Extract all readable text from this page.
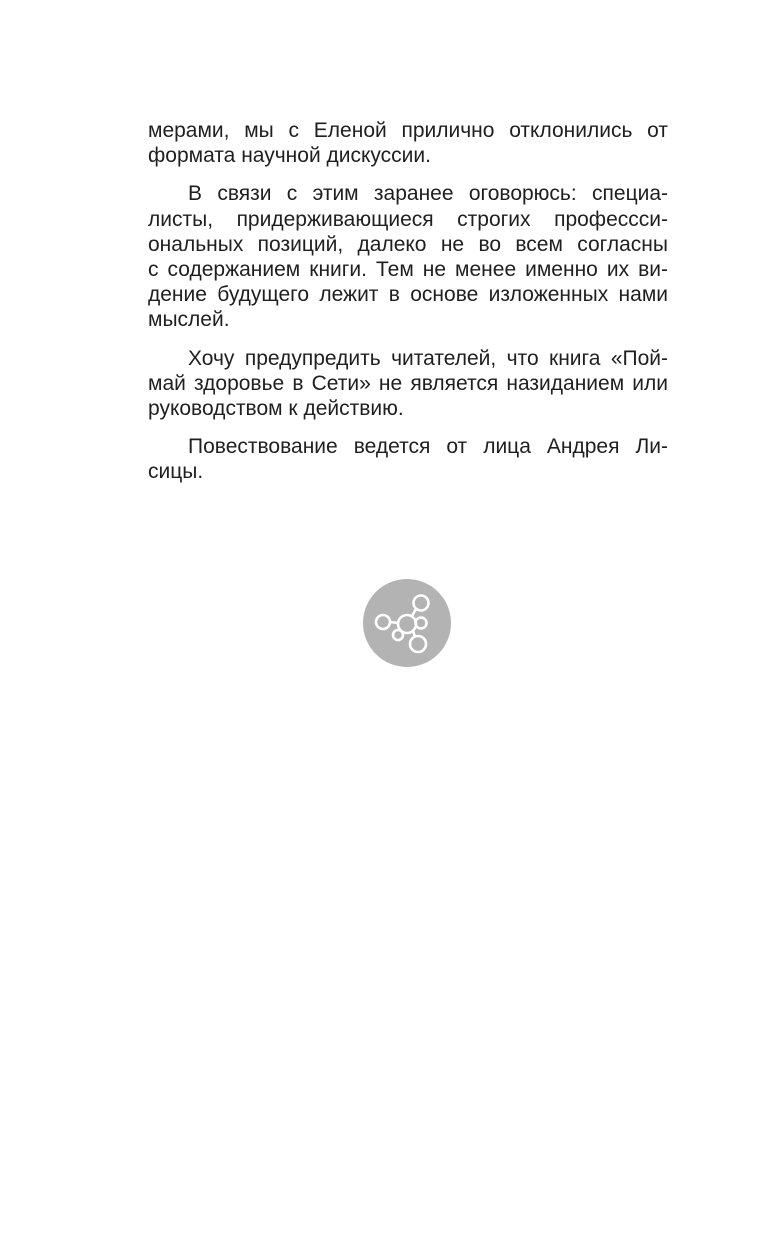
мерами, мы с Еленой прилично отклонились от
формата научной дискуссии.

В связи с этим заранее оговорюсь: специа-
листы, придерживающиеся строгих профессси-
ональных позиций, далеко не во всем согласны
с содержанием книги. Тем не менее именно их ви-
дение будущего лежит в основе изложенных нами
мыслей.

Хочу предупредить читателей, что книга «Пой-
май здоровье в Сети» не является назиданием или
руководством к действию.

Повествование ведется от лица Андрея Ли-
сицы.
